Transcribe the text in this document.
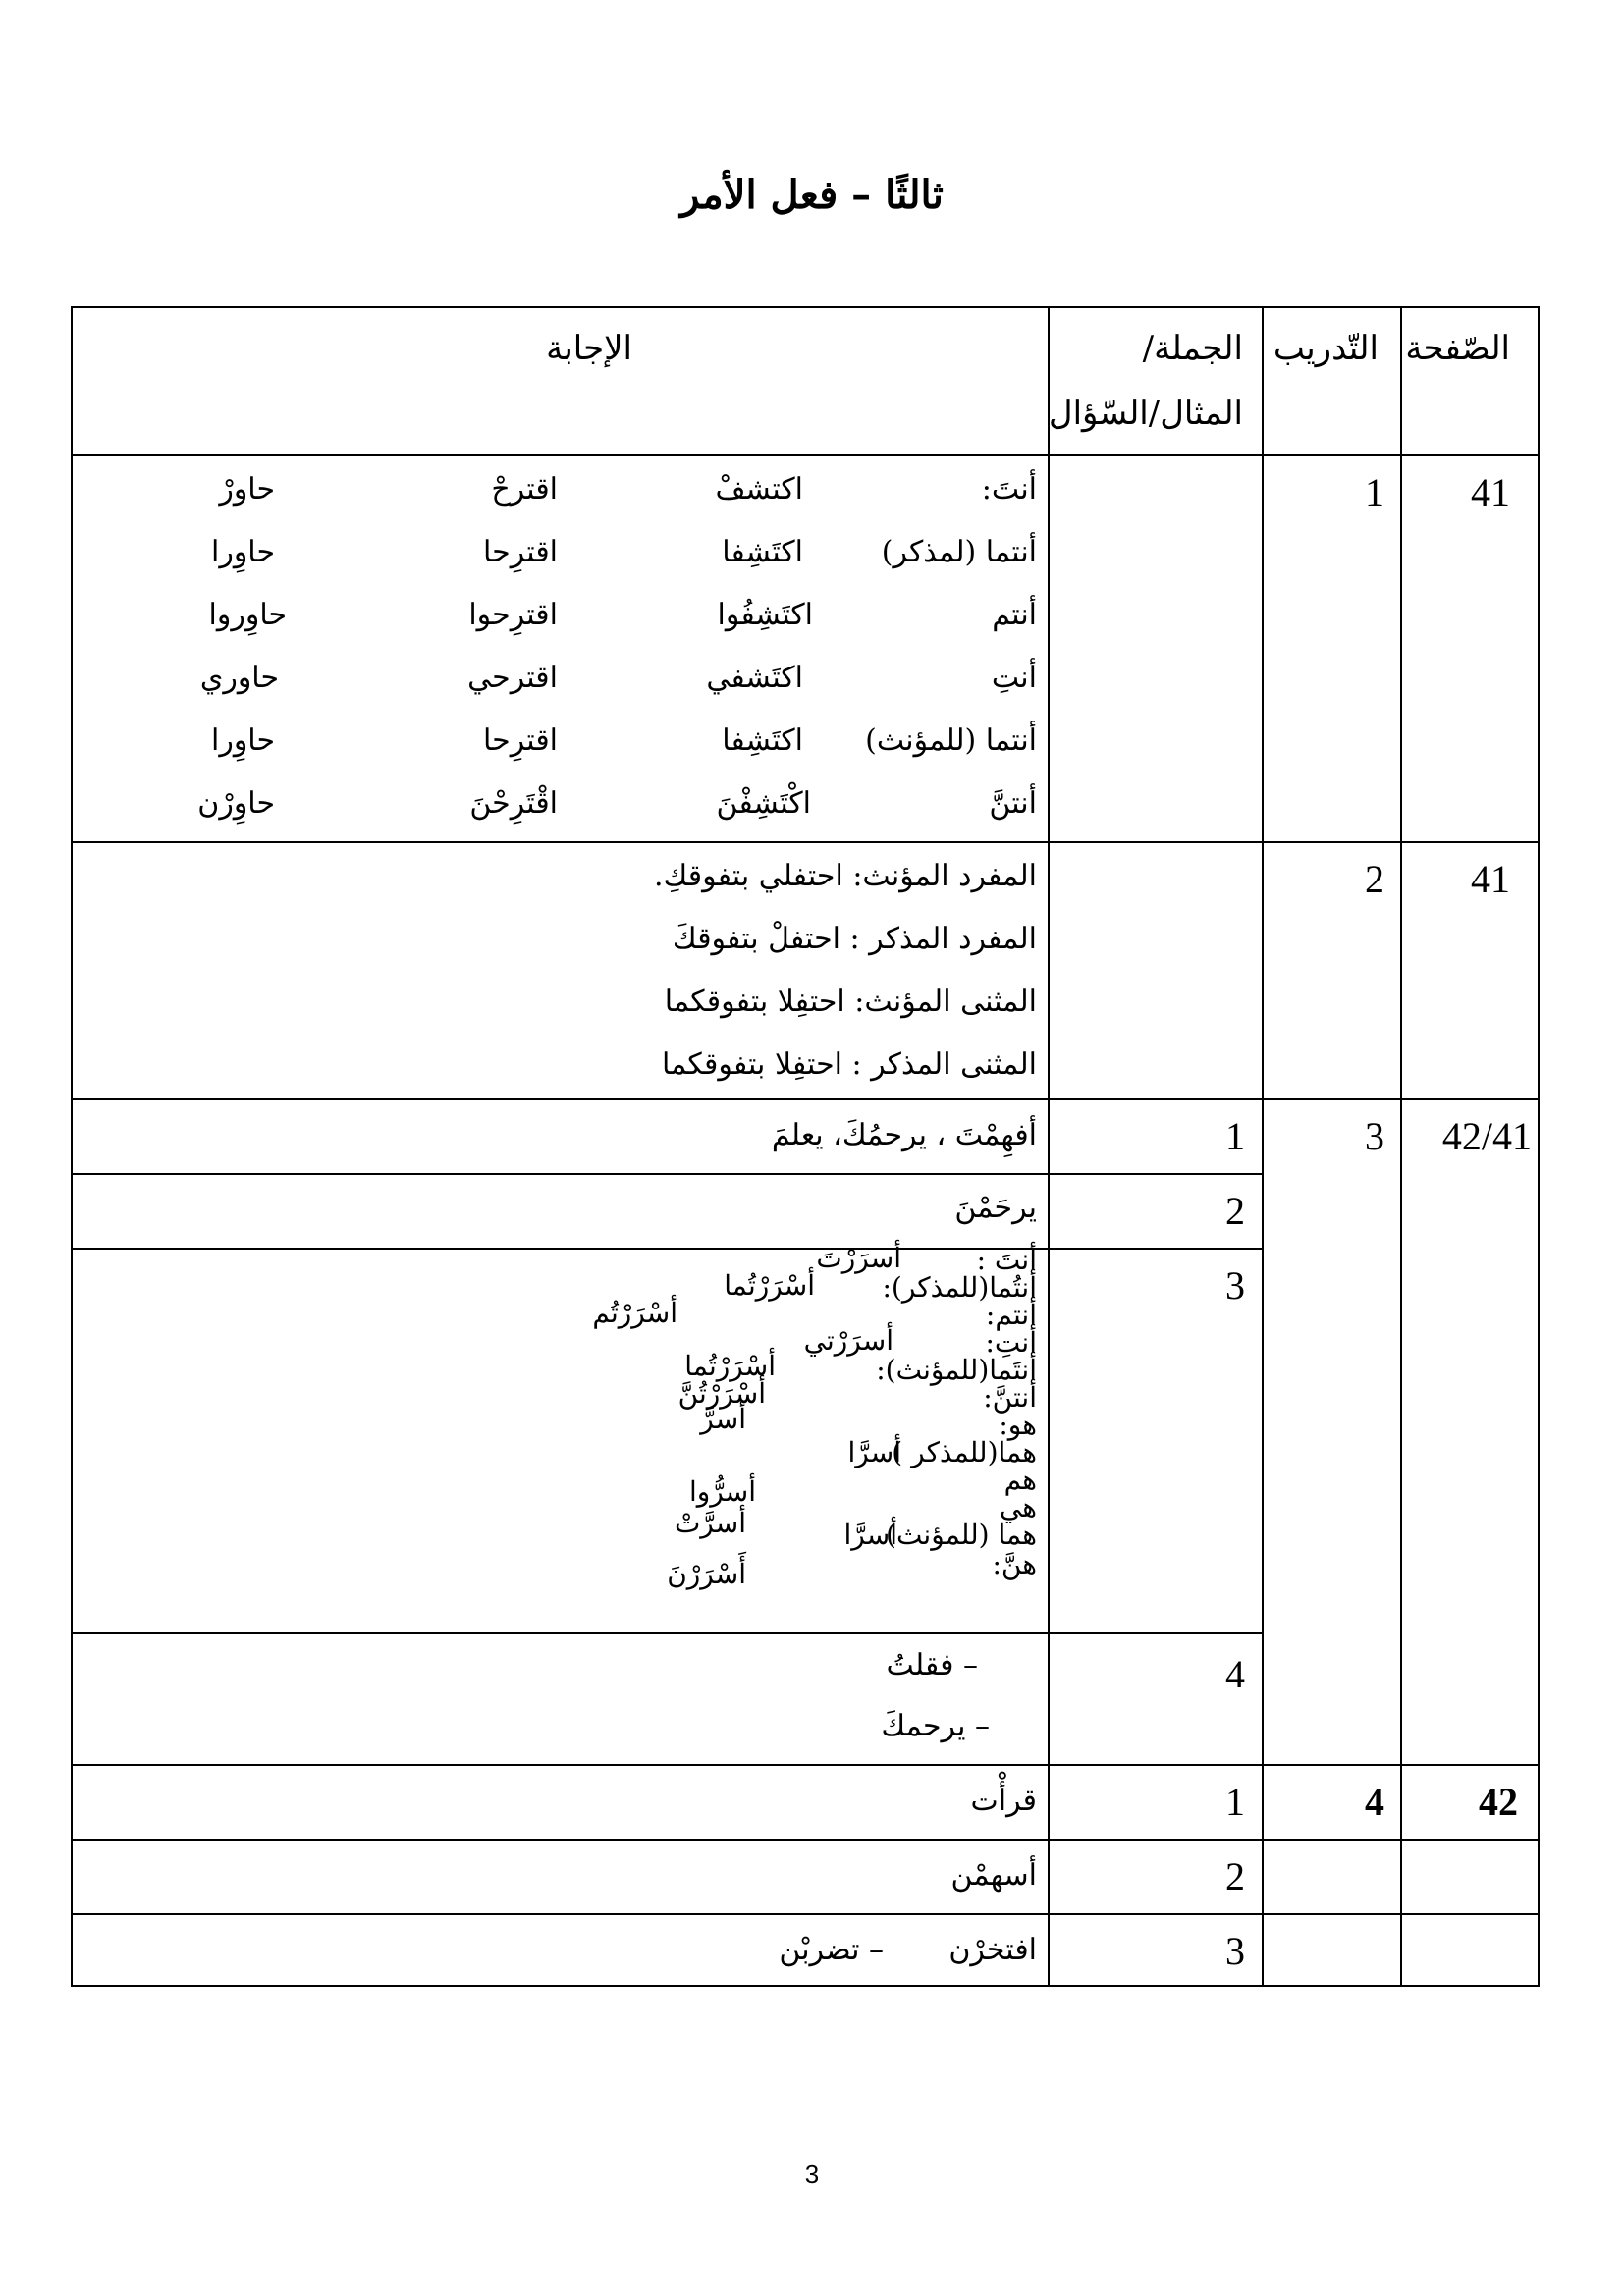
ثالثًا – فعل الأمر
الصّفحة
التّدريب
الجملة/
المثال/السّؤال
الإجابة
41
1
أنتَ:
اكتشفْ
اقترحْ
حاورْ
أنتما (لمذكر)
اكتَشِفا
اقترِحا
حاوِرا
أنتم
اكتَشِفُوا
اقترِحوا
حاوِروا
أنتِ
اكتَشفي
اقترحي
حاوري
أنتما (للمؤنث)
اكتَشِفا
اقترِحا
حاوِرا
أنتنَّ
اكْتَشِفْنَ
اقْتَرِحْنَ
حاوِرْن
41
2
المفرد المؤنث: احتفلي بتفوقكِ.
المفرد المذكر : احتفلْ بتفوقكَ
المثنى المؤنث: احتفِلا بتفوقكما
المثنى المذكر : احتفِلا بتفوقكما
42/41
3
1
أفهِمْتَ ، يرحمُكَ، يعلمَ
2
يرحَمْنَ
3
أنتَ :
أسرَرْتَ
أنتُما(للمذكر):
أسْرَرْتُما
أنتم:
أسْرَرْتُم
أنتِ:
أسرَرْتي
أنتَما(للمؤنث):
أسْرَرْتُما
أنتنَّ:
أسْرَرْتُنَّ
هو:
أسرَّ
هما(للمذكر )
أسرَّا
هم
أسرُّوا	هي
أسرَّتْ	هما (للمؤنث)
أسرَّا
هنَّ:
أَسْرَرْنَ
4
– فقلتُ
– يرحمكَ
42
4
1
قرأْت
2
أسهمْن
3
افتخرْن
– تضربْن
3
